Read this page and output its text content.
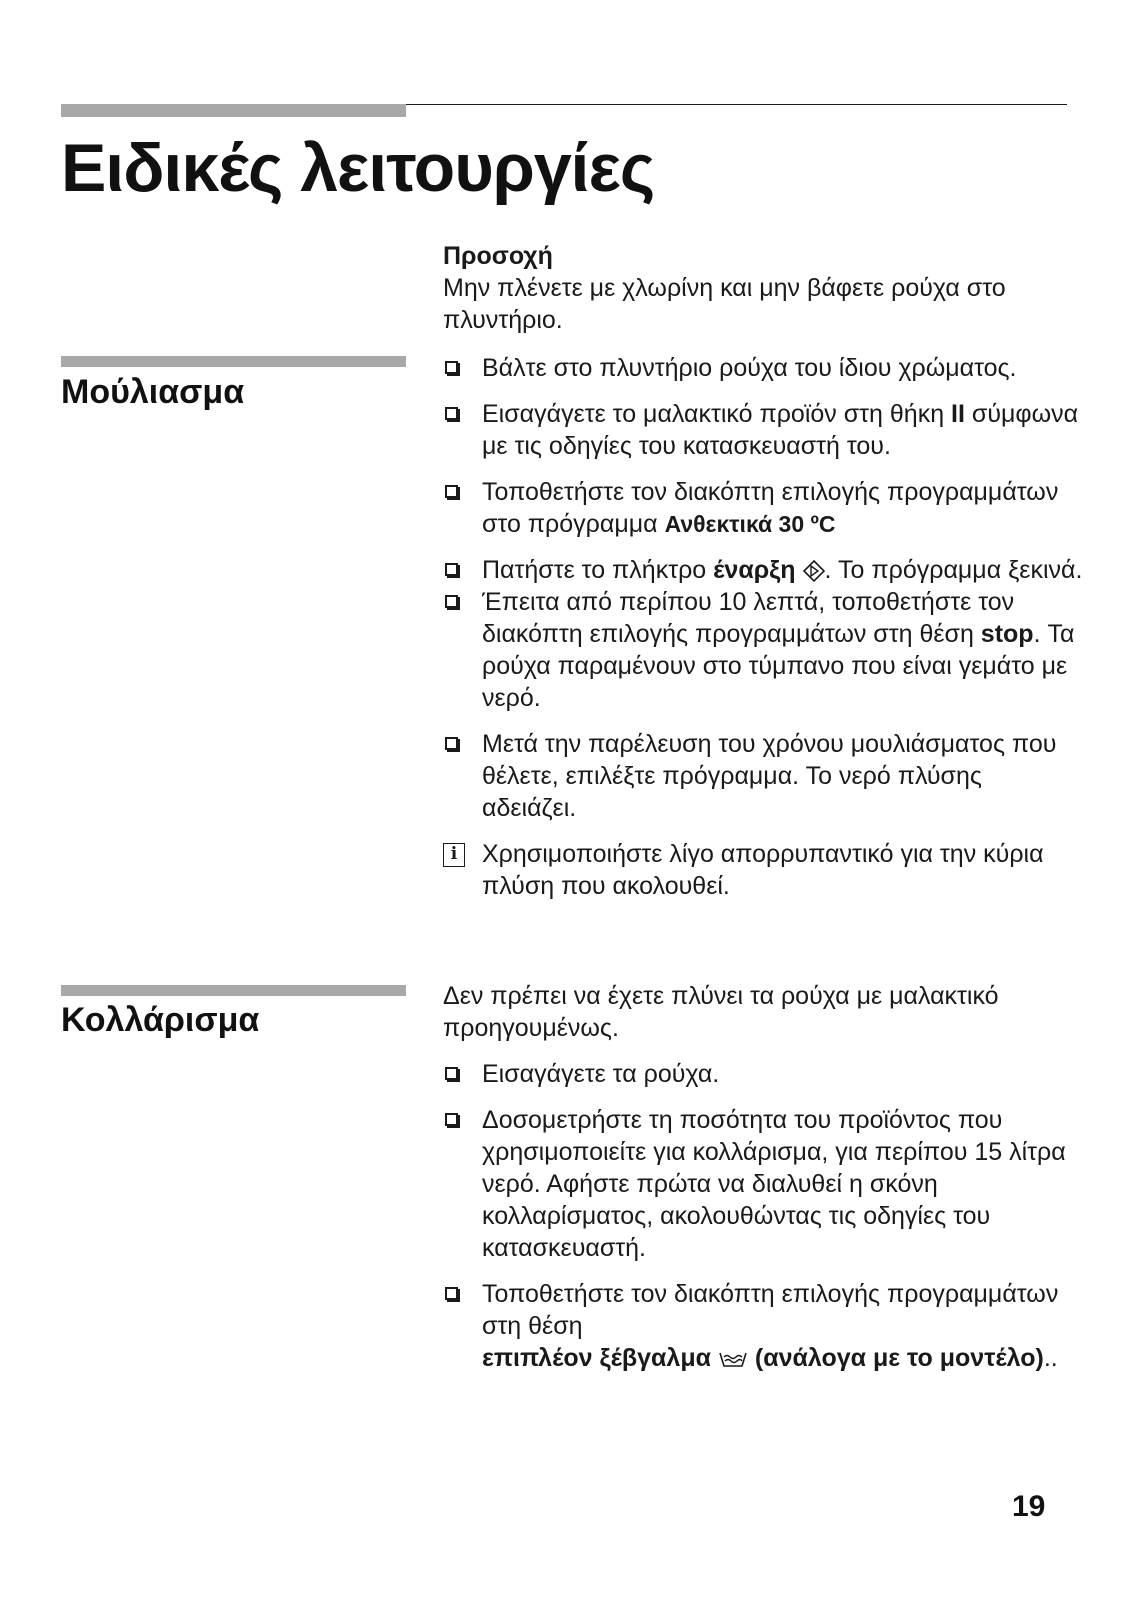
Ειδικές λειτουργίες

Προσοχή

Μην πλένετε με χλωρίνη και μην βάφετε ρούχα στο πλυντήριο.

Μούλιασμα
Βάλτε στο πλυντήριο ρούχα του ίδιου χρώματος.
Εισαγάγετε το μαλακτικό προϊόν στη θήκη II σύμφωνα με τις οδηγίες του κατασκευαστή του.
Τοποθετήστε τον διακόπτη επιλογής προγραμμάτων στο πρόγραμμα Ανθεκτικά 30 ºC
Πατήστε το πλήκτρο έναρξη . Το πρόγραμμα ξεκινά.
Έπειτα από περίπου 10 λεπτά, τοποθετήστε τον διακόπτη επιλογής προγραμμάτων στη θέση stop. Τα ρούχα παραμένουν στο τύμπανο που είναι γεμάτο με νερό.
Μετά την παρέλευση του χρόνου μουλιάσματος που θέλετε, επιλέξτε πρόγραμμα. Το νερό πλύσης αδειάζει.
i Χρησιμοποιήστε λίγο απορρυπαντικό για την κύρια πλύση που ακολουθεί.
Κολλάρισμα

Δεν πρέπει να έχετε πλύνει τα ρούχα με μαλακτικό προηγουμένως.

Εισαγάγετε τα ρούχα.
Δοσομετρήστε τη ποσότητα του προϊόντος που χρησιμοποιείτε για κολλάρισμα, για περίπου 15 λίτρα νερό. Αφήστε πρώτα να διαλυθεί η σκόνη κολλαρίσματος, ακολουθώντας τις οδηγίες του κατασκευαστή.
Τοποθετήστε τον διακόπτη επιλογής προγραμμάτων στη θέση
επιπλέον ξέβγαλμα  (ανάλογα με το μοντέλο)..
19
